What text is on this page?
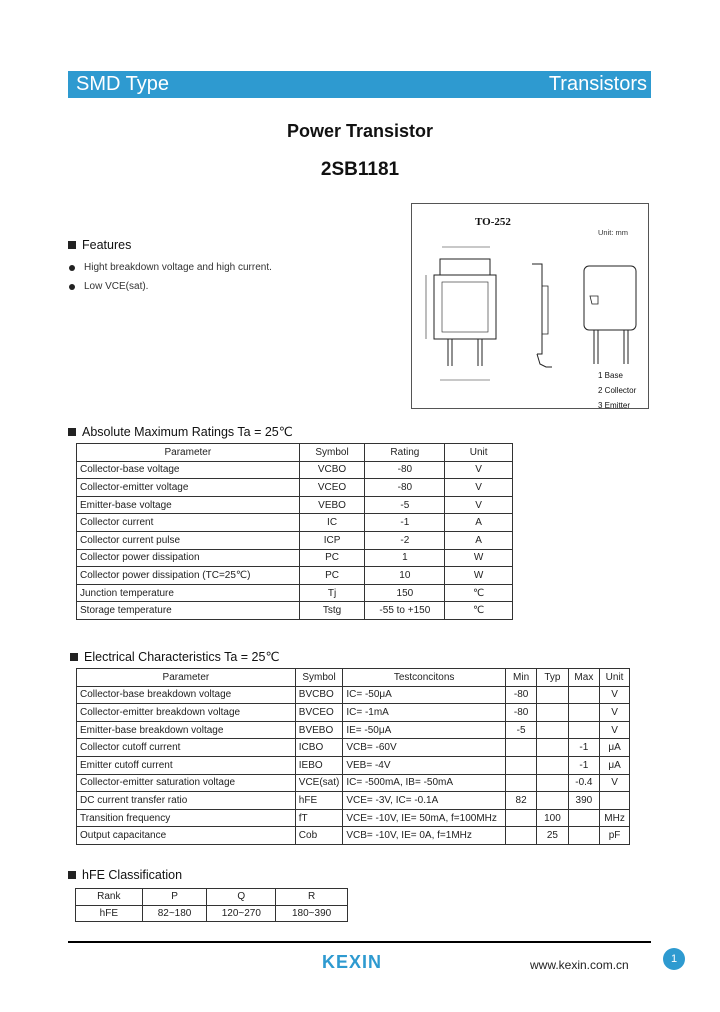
SMD Type	Transistors
Power Transistor
2SB1181
Features
Hight breakdown voltage and high current.
Low VCE(sat).
TO-252
Unit: mm
1 Base
2 Collector
3 Emitter
Absolute Maximum Ratings Ta = 25℃
Parameter	Symbol	Rating	Unit
Collector-base voltage	VCBO	-80	V
Collector-emitter voltage	VCEO	-80	V
Emitter-base voltage	VEBO	-5	V
Collector current	IC	-1	A
Collector current pulse	ICP	-2	A
Collector power dissipation	PC	1	W
Collector power dissipation (TC=25℃)	PC	10	W
Junction temperature	Tj	150	℃
Storage temperature	Tstg	-55 to +150	℃
Electrical Characteristics Ta = 25℃
Parameter	Symbol	Testconcitons	Min	Typ	Max	Unit
Collector-base breakdown voltage	BVCBO	IC= -50μA	-80			V
Collector-emitter breakdown voltage	BVCEO	IC= -1mA	-80			V
Emitter-base breakdown voltage	BVEBO	IE= -50μA	-5			V
Collector cutoff current	ICBO	VCB= -60V			-1	μA
Emitter cutoff current	IEBO	VEB= -4V			-1	μA
Collector-emitter saturation voltage	VCE(sat)	IC= -500mA, IB= -50mA			-0.4	V
DC current transfer ratio	hFE	VCE= -3V, IC= -0.1A	82		390	
Transition frequency	fT	VCE= -10V, IE= 50mA, f=100MHz		100		MHz
Output capacitance	Cob	VCB= -10V, IE= 0A, f=1MHz		25		pF
hFE Classification
Rank	P	Q	R
hFE	82~180	120~270	180~390
KEXIN	www.kexin.com.cn	1
